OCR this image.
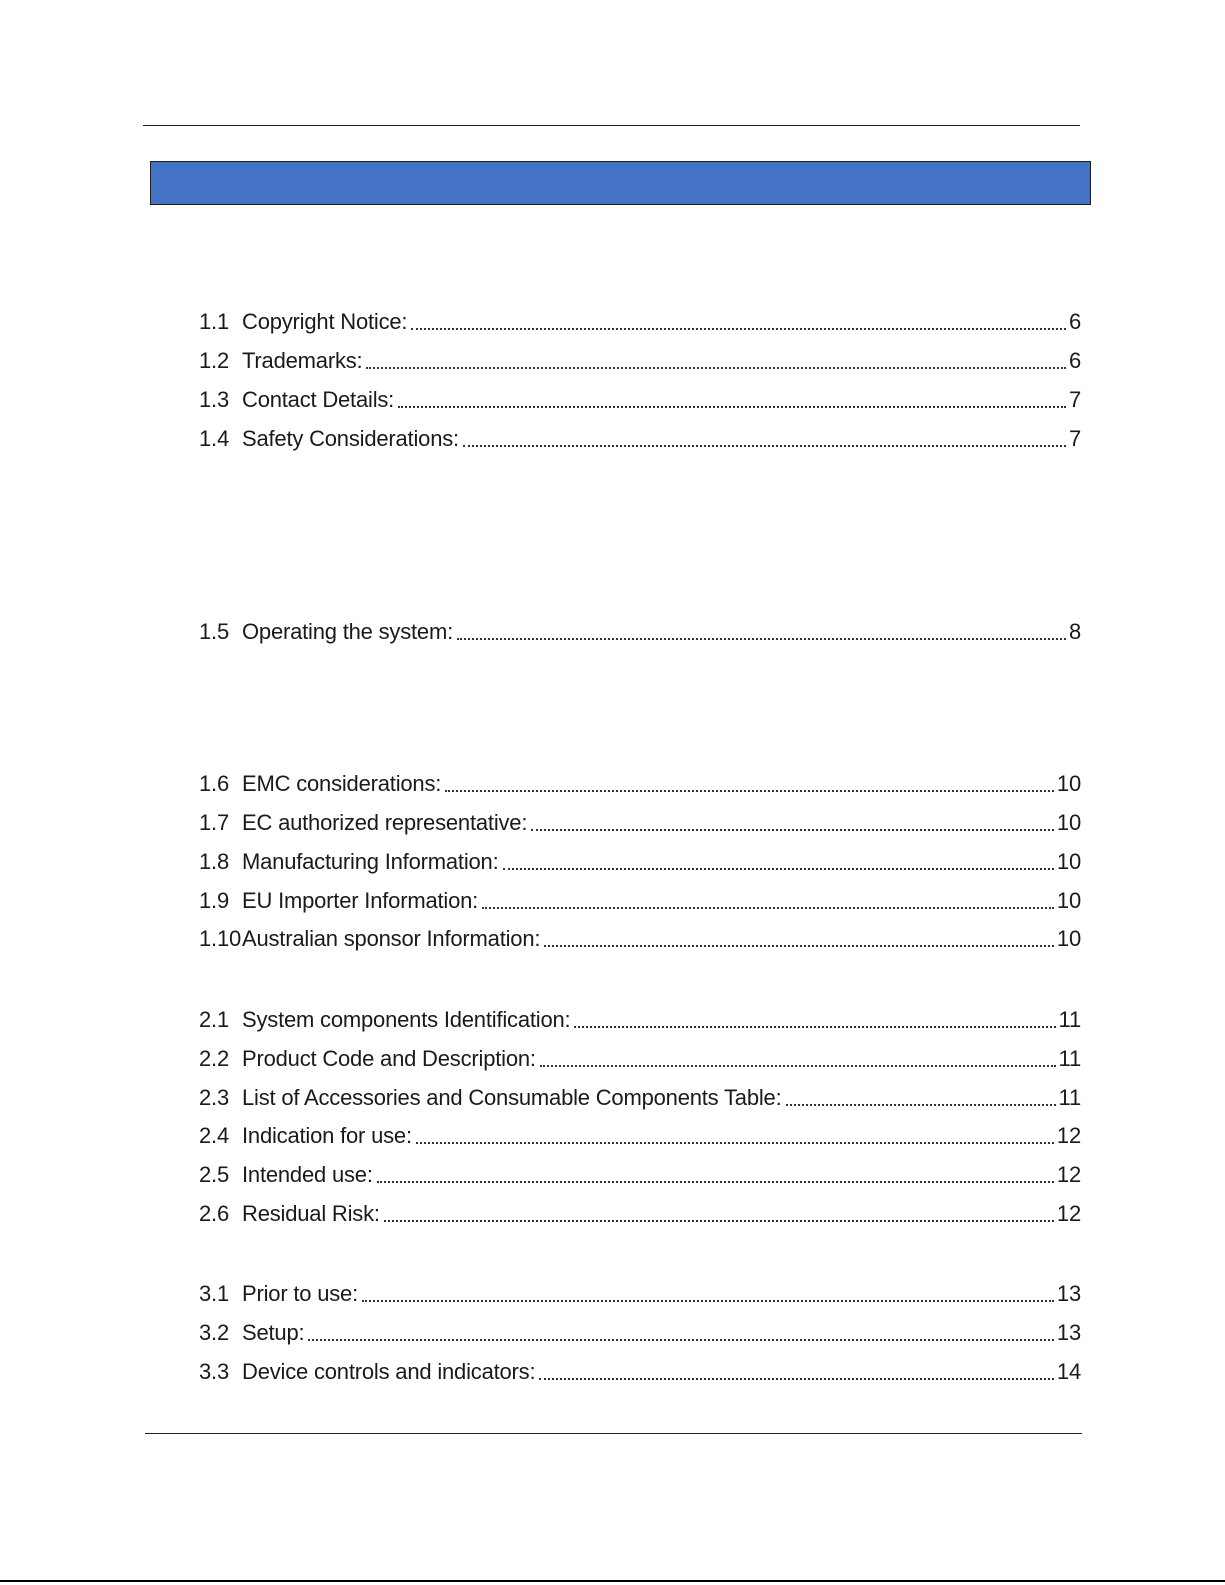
1.1 Copyright Notice:	6
1.2 Trademarks:	6
1.3 Contact Details:	7
1.4 Safety Considerations:	7
1.5 Operating the system:	8
1.6 EMC considerations:	10
1.7 EC authorized representative:	10
1.8 Manufacturing Information:	10
1.9 EU Importer Information:	10
1.10 Australian sponsor Information:	10
2.1 System components Identification:	11
2.2 Product Code and Description:	11
2.3 List of Accessories and Consumable Components Table:	11
2.4 Indication for use:	12
2.5 Intended use:	12
2.6 Residual Risk:	12
3.1 Prior to use:	13
3.2 Setup:	13
3.3 Device controls and indicators:	14
